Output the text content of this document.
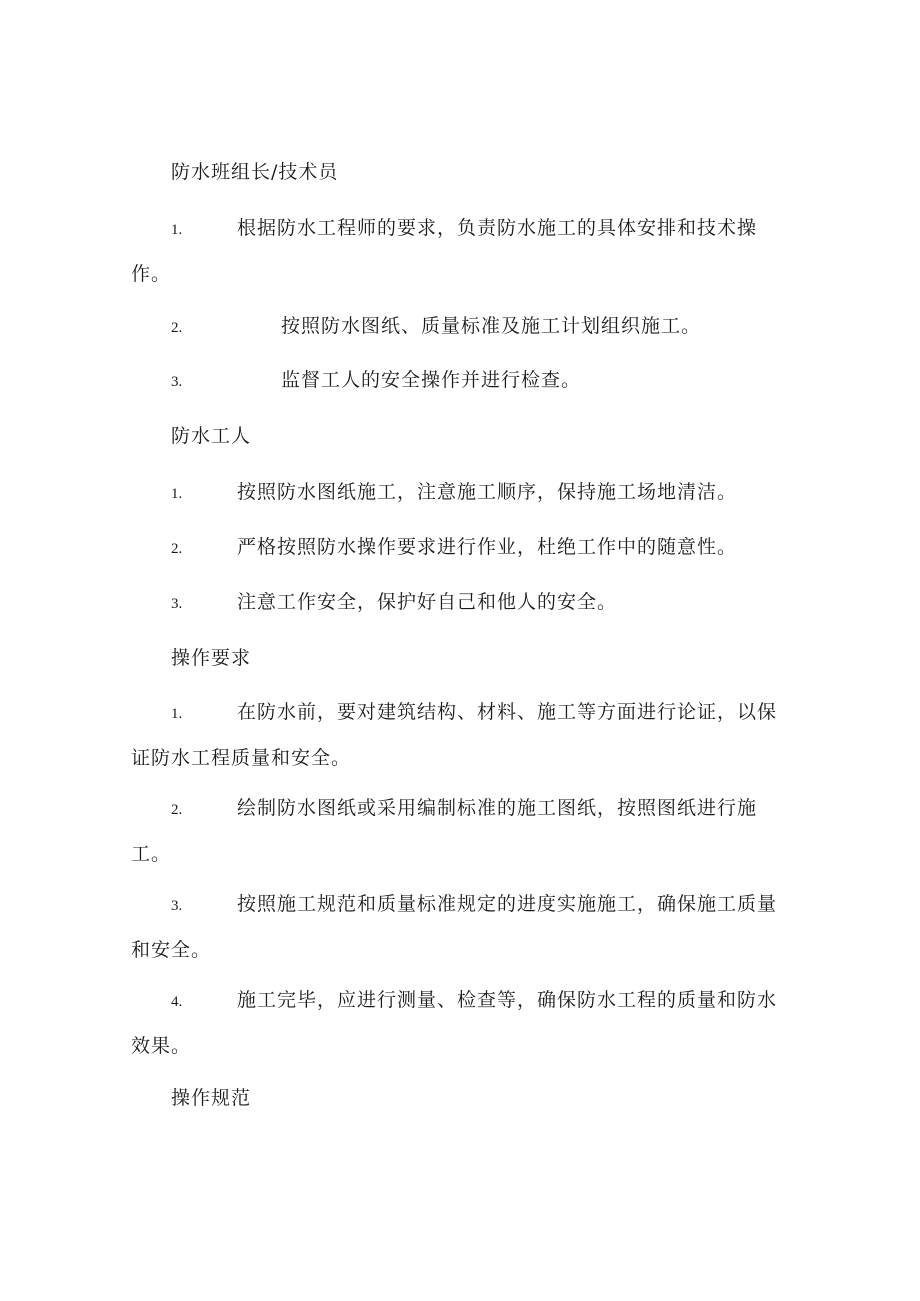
防水班组长/技术员
1.	根据防水工程师的要求，负责防水施工的具体安排和技术操
作。
2.	按照防水图纸、质量标准及施工计划组织施工。
3.	监督工人的安全操作并进行检查。
防水工人
1.	按照防水图纸施工，注意施工顺序，保持施工场地清洁。
2.	严格按照防水操作要求进行作业，杜绝工作中的随意性。
3.	注意工作安全，保护好自己和他人的安全。
操作要求
1.	在防水前，要对建筑结构、材料、施工等方面进行论证，以保
证防水工程质量和安全。
2.	绘制防水图纸或采用编制标准的施工图纸，按照图纸进行施
工。
3.	按照施工规范和质量标准规定的进度实施施工，确保施工质量
和安全。
4.	施工完毕，应进行测量、检查等，确保防水工程的质量和防水
效果。
操作规范
